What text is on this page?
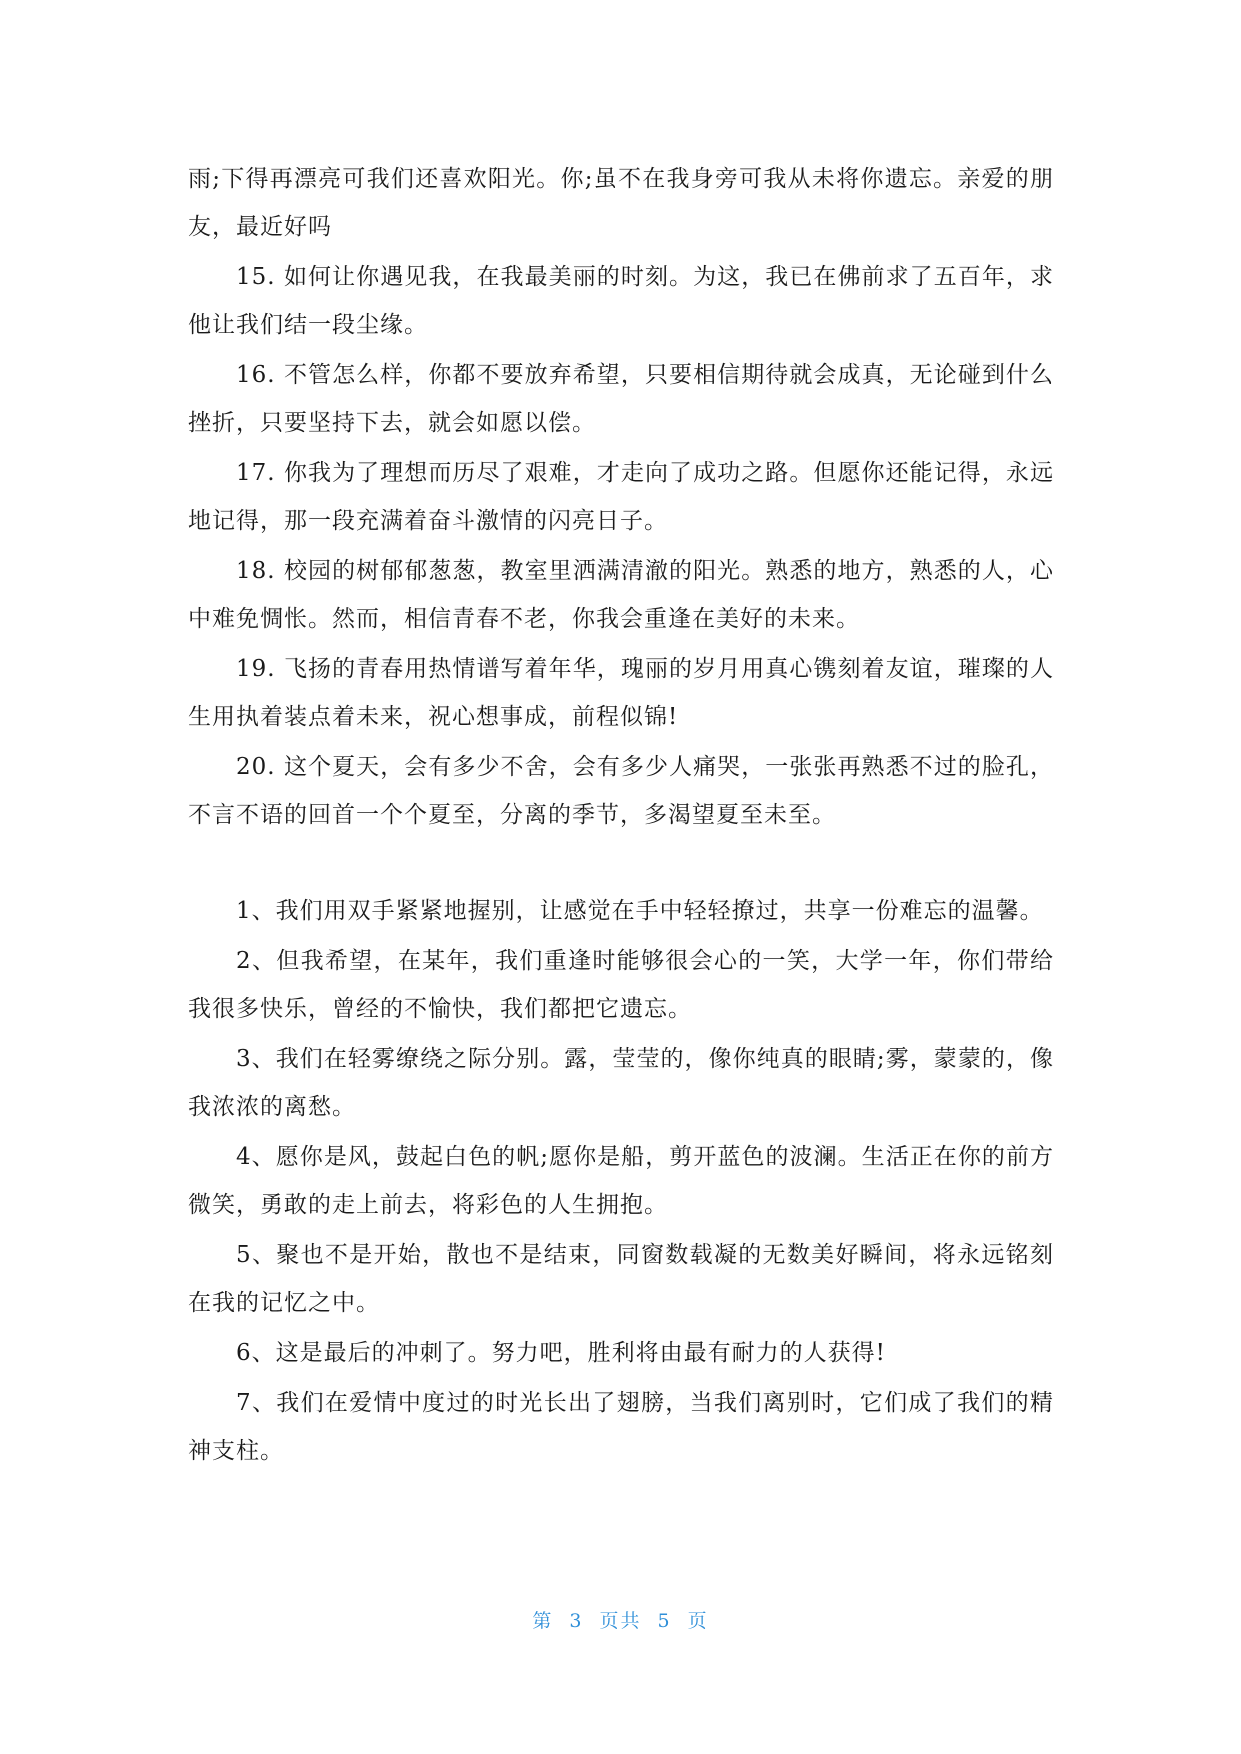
雨;下得再漂亮可我们还喜欢阳光。你;虽不在我身旁可我从未将你遗忘。亲爱的朋友，最近好吗

15. 如何让你遇见我，在我最美丽的时刻。为这，我已在佛前求了五百年，求他让我们结一段尘缘。

16. 不管怎么样，你都不要放弃希望，只要相信期待就会成真，无论碰到什么挫折，只要坚持下去，就会如愿以偿。

17. 你我为了理想而历尽了艰难，才走向了成功之路。但愿你还能记得，永远地记得，那一段充满着奋斗激情的闪亮日子。

18. 校园的树郁郁葱葱，教室里洒满清澈的阳光。熟悉的地方，熟悉的人，心中难免惆怅。然而，相信青春不老，你我会重逢在美好的未来。

19. 飞扬的青春用热情谱写着年华，瑰丽的岁月用真心镌刻着友谊，璀璨的人生用执着装点着未来，祝心想事成，前程似锦!

20. 这个夏天，会有多少不舍，会有多少人痛哭，一张张再熟悉不过的脸孔，不言不语的回首一个个夏至，分离的季节，多渴望夏至未至。

1、我们用双手紧紧地握别，让感觉在手中轻轻撩过，共享一份难忘的温馨。

2、但我希望，在某年，我们重逢时能够很会心的一笑，大学一年，你们带给我很多快乐，曾经的不愉快，我们都把它遗忘。

3、我们在轻雾缭绕之际分别。露，莹莹的，像你纯真的眼睛;雾，蒙蒙的，像我浓浓的离愁。

4、愿你是风，鼓起白色的帆;愿你是船，剪开蓝色的波澜。生活正在你的前方微笑，勇敢的走上前去，将彩色的人生拥抱。

5、聚也不是开始，散也不是结束，同窗数载凝的无数美好瞬间，将永远铭刻在我的记忆之中。

6、这是最后的冲刺了。努力吧，胜利将由最有耐力的人获得!

7、我们在爱情中度过的时光长出了翅膀，当我们离别时，它们成了我们的精神支柱。

第 3 页共 5 页
